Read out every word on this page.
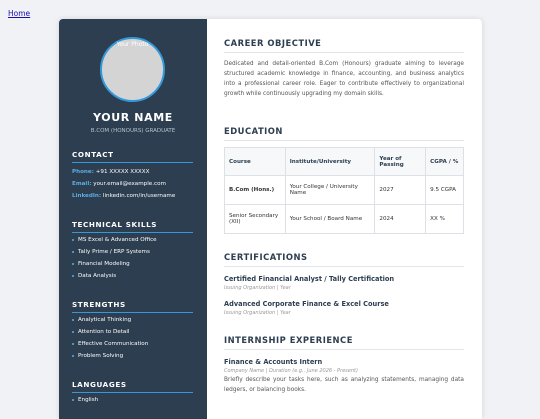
Home
Your Photo
YOUR NAME
B.COM (HONOURS) GRADUATE
CONTACT
Phone: +91 XXXXX XXXXX
Email: your.email@example.com
LinkedIn: linkedin.com/in/username
TECHNICAL SKILLS
MS Excel & Advanced Office
Tally Prime / ERP Systems
Financial Modeling
Data Analysis
STRENGTHS
Analytical Thinking
Attention to Detail
Effective Communication
Problem Solving
LANGUAGES
English
CAREER OBJECTIVE
Dedicated and detail-oriented B.Com (Honours) graduate aiming to leverage structured academic knowledge in finance, accounting, and business analytics into a professional career role. Eager to contribute effectively to organizational growth while continuously upgrading my domain skills.
EDUCATION
Course	Institute/University	Year of Passing	CGPA / %
B.Com (Hons.)	Your College / University Name	2027	9.5 CGPA
Senior Secondary (XII)	Your School / Board Name	2024	XX %
CERTIFICATIONS
Certified Financial Analyst / Tally Certification
Issuing Organization | Year
Advanced Corporate Finance & Excel Course
Issuing Organization | Year
INTERNSHIP EXPERIENCE
Finance & Accounts Intern
Company Name | Duration (e.g., June 2026 - Present)
Briefly describe your tasks here, such as analyzing statements, managing data ledgers, or balancing books.
